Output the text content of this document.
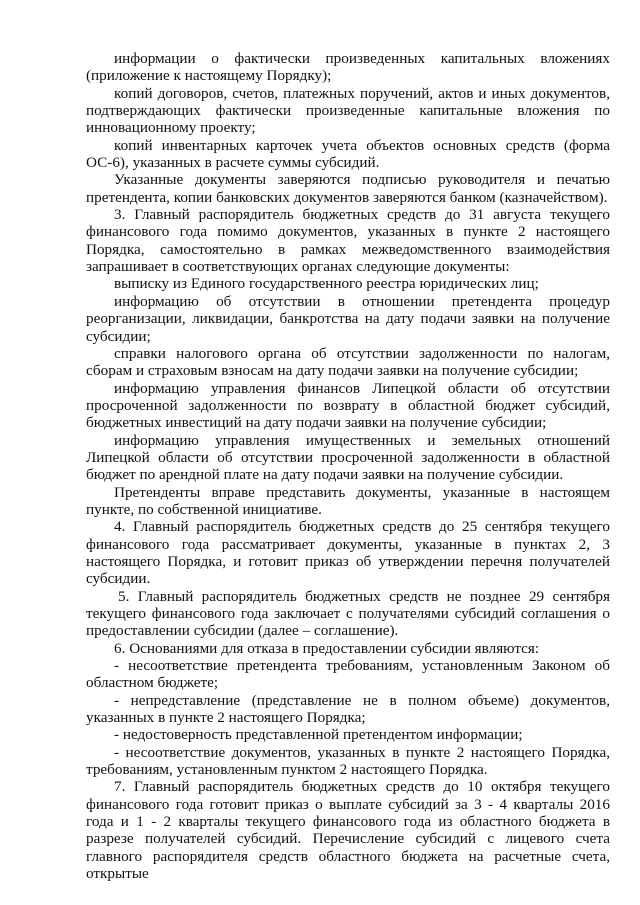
информации о фактически произведенных капитальных вложениях (приложение к настоящему Порядку);

копий договоров, счетов, платежных поручений, актов и иных документов, подтверждающих фактически произведенные капитальные вложения по инновационному проекту;

копий инвентарных карточек учета объектов основных средств (форма ОС-6), указанных в расчете суммы субсидий.

Указанные документы заверяются подписью руководителя и печатью претендента, копии банковских документов заверяются банком (казначейством).

3. Главный распорядитель бюджетных средств до 31 августа текущего финансового года помимо документов, указанных в пункте 2 настоящего Порядка, самостоятельно в рамках межведомственного взаимодействия запрашивает в соответствующих органах следующие документы:

выписку из Единого государственного реестра юридических лиц;

информацию об отсутствии в отношении претендента процедур реорганизации, ликвидации, банкротства на дату подачи заявки на получение субсидии;

справки налогового органа об отсутствии задолженности по налогам, сборам и страховым взносам на дату подачи заявки на получение субсидии;

информацию управления финансов Липецкой области об отсутствии просроченной задолженности по возврату в областной бюджет субсидий, бюджетных инвестиций на дату подачи заявки на получение субсидии;

информацию управления имущественных и земельных отношений Липецкой области об отсутствии просроченной задолженности в областной бюджет по арендной плате на дату подачи заявки на получение субсидии.

Претенденты вправе представить документы, указанные в настоящем пункте, по собственной инициативе.

4. Главный распорядитель бюджетных средств до 25 сентября текущего финансового года рассматривает документы, указанные в пунктах 2, 3 настоящего Порядка, и готовит приказ об утверждении перечня получателей субсидии.

5. Главный распорядитель бюджетных средств не позднее 29 сентября текущего финансового года заключает с получателями субсидий соглашения о предоставлении субсидии (далее – соглашение).

6. Основаниями для отказа в предоставлении субсидии являются:

- несоответствие претендента требованиям, установленным Законом об областном бюджете;

- непредставление (представление не в полном объеме) документов, указанных в пункте 2 настоящего Порядка;

- недостоверность представленной претендентом информации;

- несоответствие документов, указанных в пункте 2 настоящего Порядка, требованиям, установленным пунктом 2 настоящего Порядка.

7. Главный распорядитель бюджетных средств до 10 октября текущего финансового года готовит приказ о выплате субсидий за 3 - 4 кварталы 2016 года и 1 - 2 кварталы текущего финансового года из областного бюджета в разрезе получателей субсидий. Перечисление субсидий с лицевого счета главного распорядителя средств областного бюджета на расчетные счета, открытые
